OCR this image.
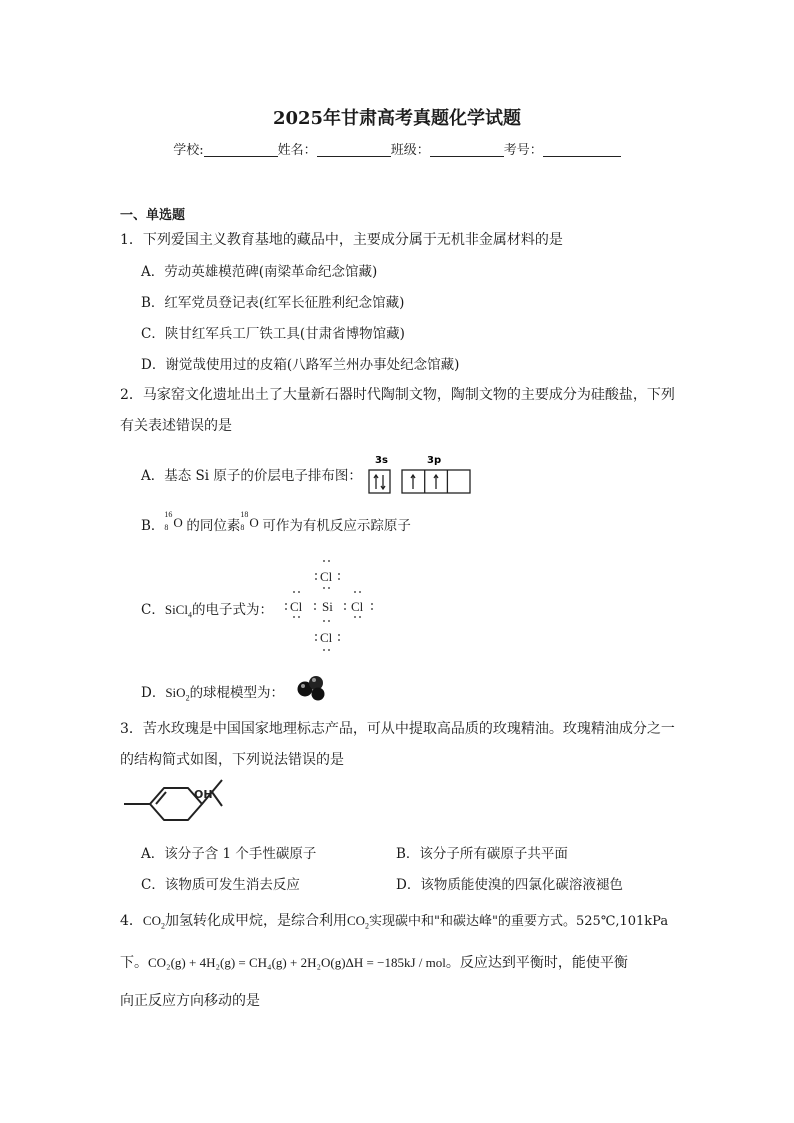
2025年甘肃高考真题化学试题
学校:	姓名：	班级：	考号：
一、单选题
1．下列爱国主义教育基地的藏品中，主要成分属于无机非金属材料的是
A．劳动英雄模范碑(南梁革命纪念馆藏)
B．红军党员登记表(红军长征胜利纪念馆藏)
C．陕甘红军兵工厂铁工具(甘肃省博物馆藏)
D．谢觉哉使用过的皮箱(八路军兰州办事处纪念馆藏)
2．马家窑文化遗址出土了大量新石器时代陶制文物，陶制文物的主要成分为硅酸盐，下列
有关表述错误的是
A．基态 Si 原子的价层电子排布图：
3s	3p
B．
16
8 O 的同位素
18
8 O 可作为有机反应示踪原子
C．SiCl$_4$的电子式为：
Cl
Cl Si Cl
Cl
D．SiO$_2$的球棍模型为：
3．苦水玫瑰是中国国家地理标志产品，可从中提取高品质的玫瑰精油。玫瑰精油成分之一
的结构简式如图，下列说法错误的是
OH
A．该分子含 1 个手性碳原子	B．该分子所有碳原子共平面
C．该物质可发生消去反应	D．该物质能使溴的四氯化碳溶液褪色
4．$CO_2$加氢转化成甲烷，是综合利用$CO_2$实现碳中和"和碳达峰"的重要方式。525℃,101kPa
下。CO₂(g) + 4H₂(g) = CH₄(g) + 2H₂O(g)ΔH = −185kJ / mol。反应达到平衡时，能使平衡
向正反应方向移动的是
